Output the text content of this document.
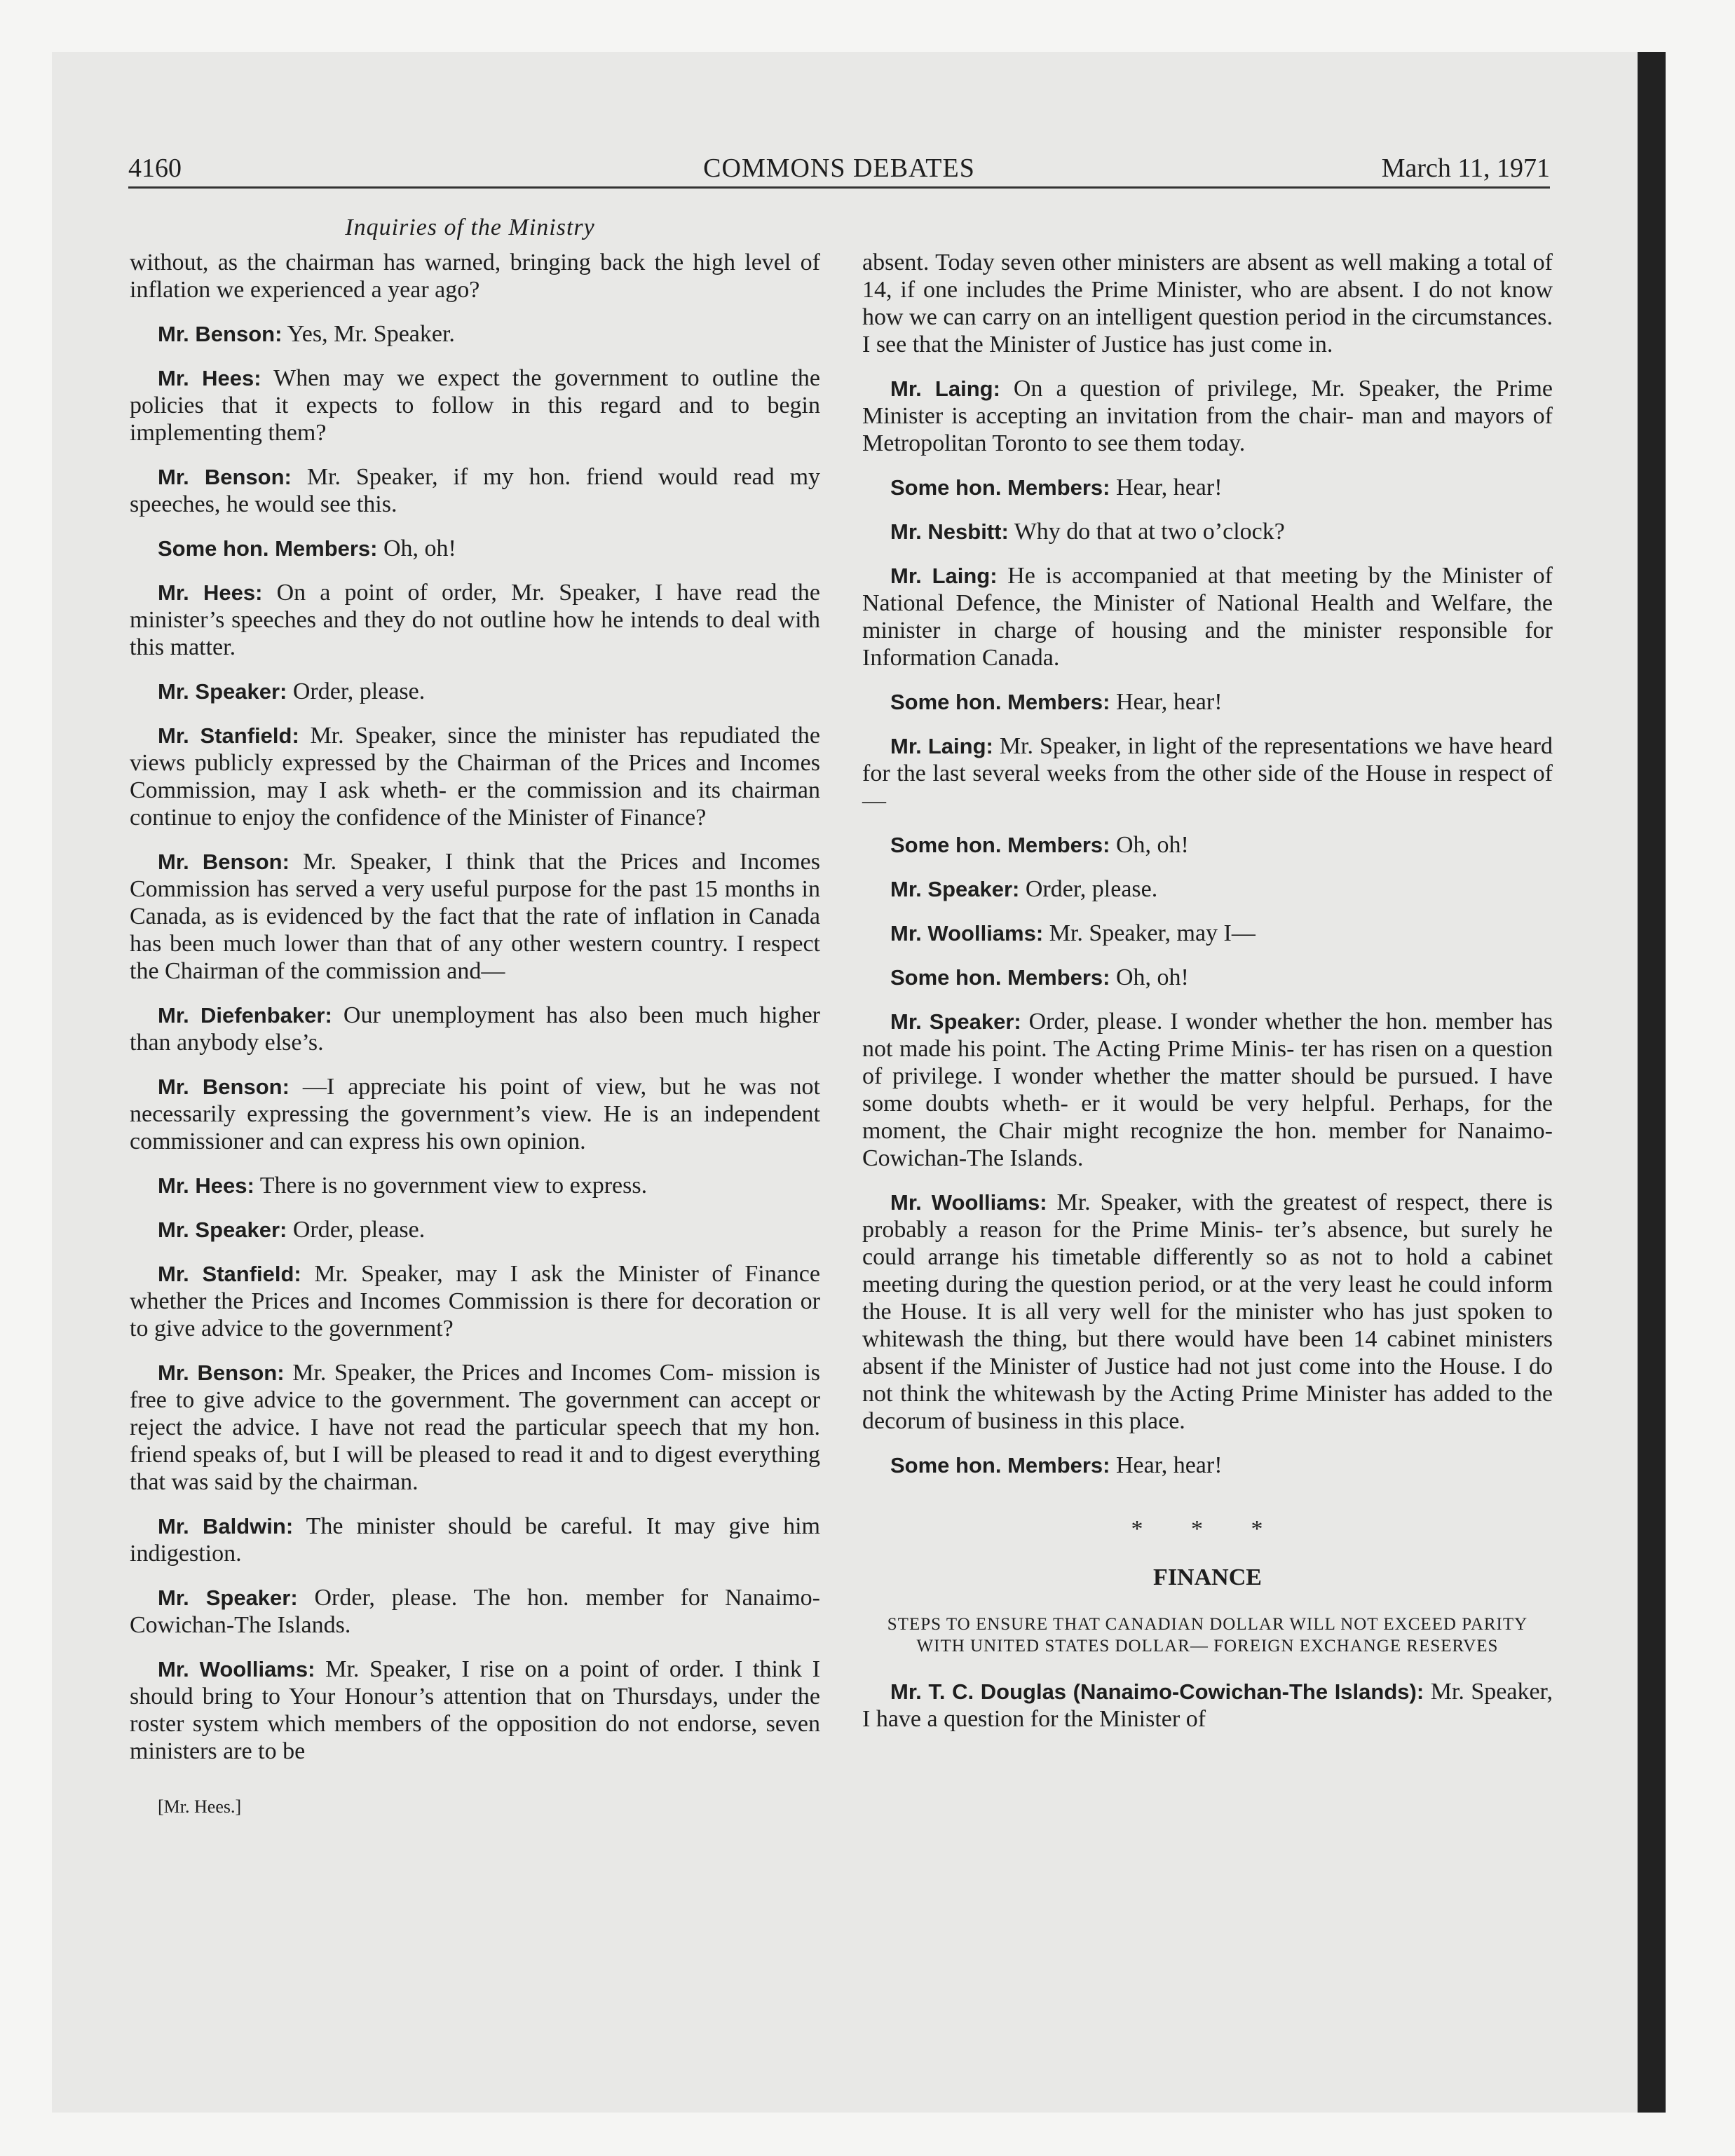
4160	COMMONS DEBATES	March 11, 1971
Inquiries of the Ministry

without, as the chairman has warned, bringing back the high level of inflation we experienced a year ago?

Mr. Benson: Yes, Mr. Speaker.

Mr. Hees: When may we expect the government to outline the policies that it expects to follow in this regard and to begin implementing them?

Mr. Benson: Mr. Speaker, if my hon. friend would read my speeches, he would see this.

Some hon. Members: Oh, oh!

Mr. Hees: On a point of order, Mr. Speaker, I have read the minister’s speeches and they do not outline how he intends to deal with this matter.

Mr. Speaker: Order, please.

Mr. Stanfield: Mr. Speaker, since the minister has repudiated the views publicly expressed by the Chairman of the Prices and Incomes Commission, may I ask wheth- er the commission and its chairman continue to enjoy the confidence of the Minister of Finance?

Mr. Benson: Mr. Speaker, I think that the Prices and Incomes Commission has served a very useful purpose for the past 15 months in Canada, as is evidenced by the fact that the rate of inflation in Canada has been much lower than that of any other western country. I respect the Chairman of the commission and—

Mr. Diefenbaker: Our unemployment has also been much higher than anybody else’s.

Mr. Benson: —I appreciate his point of view, but he was not necessarily expressing the government’s view. He is an independent commissioner and can express his own opinion.

Mr. Hees: There is no government view to express.

Mr. Speaker: Order, please.

Mr. Stanfield: Mr. Speaker, may I ask the Minister of Finance whether the Prices and Incomes Commission is there for decoration or to give advice to the government?

Mr. Benson: Mr. Speaker, the Prices and Incomes Com- mission is free to give advice to the government. The government can accept or reject the advice. I have not read the particular speech that my hon. friend speaks of, but I will be pleased to read it and to digest everything that was said by the chairman.

Mr. Baldwin: The minister should be careful. It may give him indigestion.

Mr. Speaker: Order, please. The hon. member for Nanaimo-Cowichan-The Islands.

Mr. Woolliams: Mr. Speaker, I rise on a point of order. I think I should bring to Your Honour’s attention that on Thursdays, under the roster system which members of the opposition do not endorse, seven ministers are to be

[Mr. Hees.]

absent. Today seven other ministers are absent as well making a total of 14, if one includes the Prime Minister, who are absent. I do not know how we can carry on an intelligent question period in the circumstances. I see that the Minister of Justice has just come in.

Mr. Laing: On a question of privilege, Mr. Speaker, the Prime Minister is accepting an invitation from the chair- man and mayors of Metropolitan Toronto to see them today.

Some hon. Members: Hear, hear!

Mr. Nesbitt: Why do that at two o’clock?

Mr. Laing: He is accompanied at that meeting by the Minister of National Defence, the Minister of National Health and Welfare, the minister in charge of housing and the minister responsible for Information Canada.

Some hon. Members: Hear, hear!

Mr. Laing: Mr. Speaker, in light of the representations we have heard for the last several weeks from the other side of the House in respect of—

Some hon. Members: Oh, oh!

Mr. Speaker: Order, please.

Mr. Woolliams: Mr. Speaker, may I—

Some hon. Members: Oh, oh!

Mr. Speaker: Order, please. I wonder whether the hon. member has not made his point. The Acting Prime Minis- ter has risen on a question of privilege. I wonder whether the matter should be pursued. I have some doubts wheth- er it would be very helpful. Perhaps, for the moment, the Chair might recognize the hon. member for Nanaimo- Cowichan-The Islands.

Mr. Woolliams: Mr. Speaker, with the greatest of respect, there is probably a reason for the Prime Minis- ter’s absence, but surely he could arrange his timetable differently so as not to hold a cabinet meeting during the question period, or at the very least he could inform the House. It is all very well for the minister who has just spoken to whitewash the thing, but there would have been 14 cabinet ministers absent if the Minister of Justice had not just come into the House. I do not think the whitewash by the Acting Prime Minister has added to the decorum of business in this place.

Some hon. Members: Hear, hear!

* * *
FINANCE
STEPS TO ENSURE THAT CANADIAN DOLLAR WILL NOT EXCEED PARITY WITH UNITED STATES DOLLAR— FOREIGN EXCHANGE RESERVES

Mr. T. C. Douglas (Nanaimo-Cowichan-The Islands): Mr. Speaker, I have a question for the Minister of
